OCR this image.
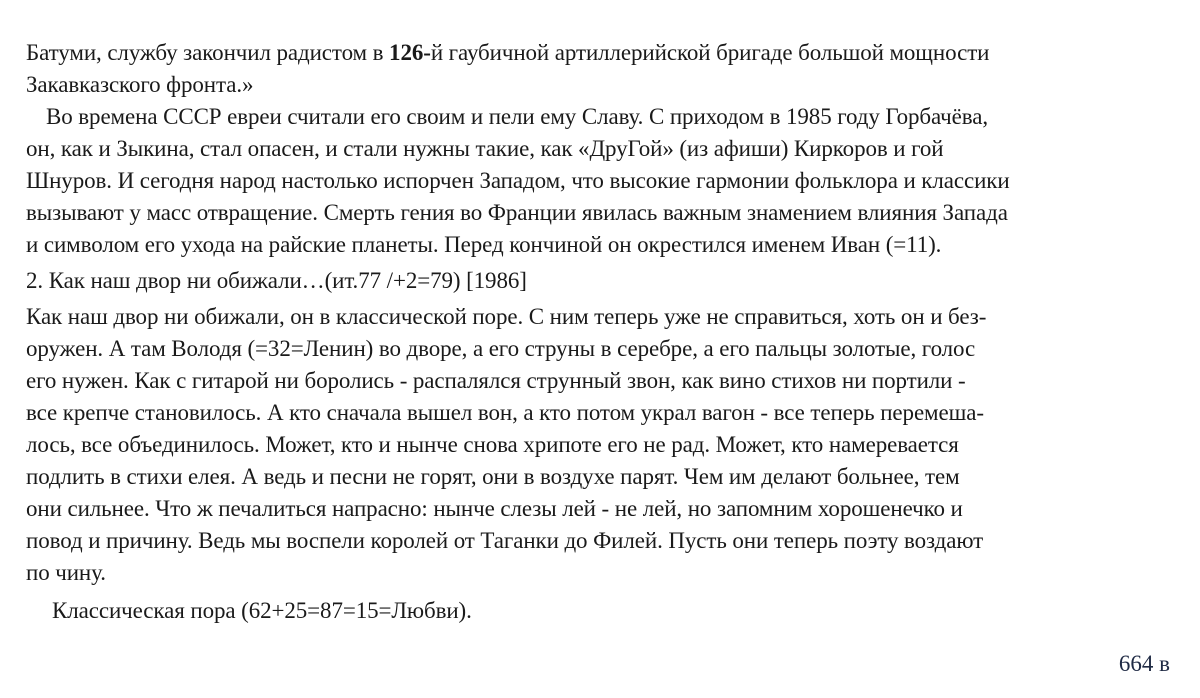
Батуми, службу закончил радистом в 126-й гаубичной артиллерийской бригаде большой мощности
Закавказского фронта.»
Во времена СССР евреи считали его своим и пели ему Славу. С приходом в 1985 году Горбачёва,
он, как и Зыкина, стал опасен, и стали нужны такие, как «ДруГой» (из афиши) Киркоров и гой
Шнуров. И сегодня народ настолько испорчен Западом, что высокие гармонии фольклора и классики
вызывают у масс отвращение. Смерть гения во Франции явилась важным знамением влияния Запада
и символом его ухода на райские планеты. Перед кончиной он окрестился именем Иван (=11).
2. Как наш двор ни обижали…(ит.77 /+2=79) [1986]
Как наш двор ни обижали, он в классической поре. С ним теперь уже не справиться, хоть он и без-
оружен. А там Володя (=32=Ленин) во дворе, а его струны в серебре, а его пальцы золотые, голос
его нужен. Как с гитарой ни боролись - распалялся струнный звон, как вино стихов ни портили -
все крепче становилось. А кто сначала вышел вон, а кто потом украл вагон - все теперь перемеша-
лось, все объединилось. Может, кто и нынче снова хрипоте его не рад. Может, кто намеревается
подлить в стихи елея. А ведь и песни не горят, они в воздухе парят. Чем им делают больнее, тем
они сильнее. Что ж печалиться напрасно: нынче слезы лей - не лей, но запомним хорошенечко и
повод и причину. Ведь мы воспели королей от Таганки до Филей. Пусть они теперь поэту воздают
по чину.
Классическая пора (62+25=87=15=Любви).
664 в
